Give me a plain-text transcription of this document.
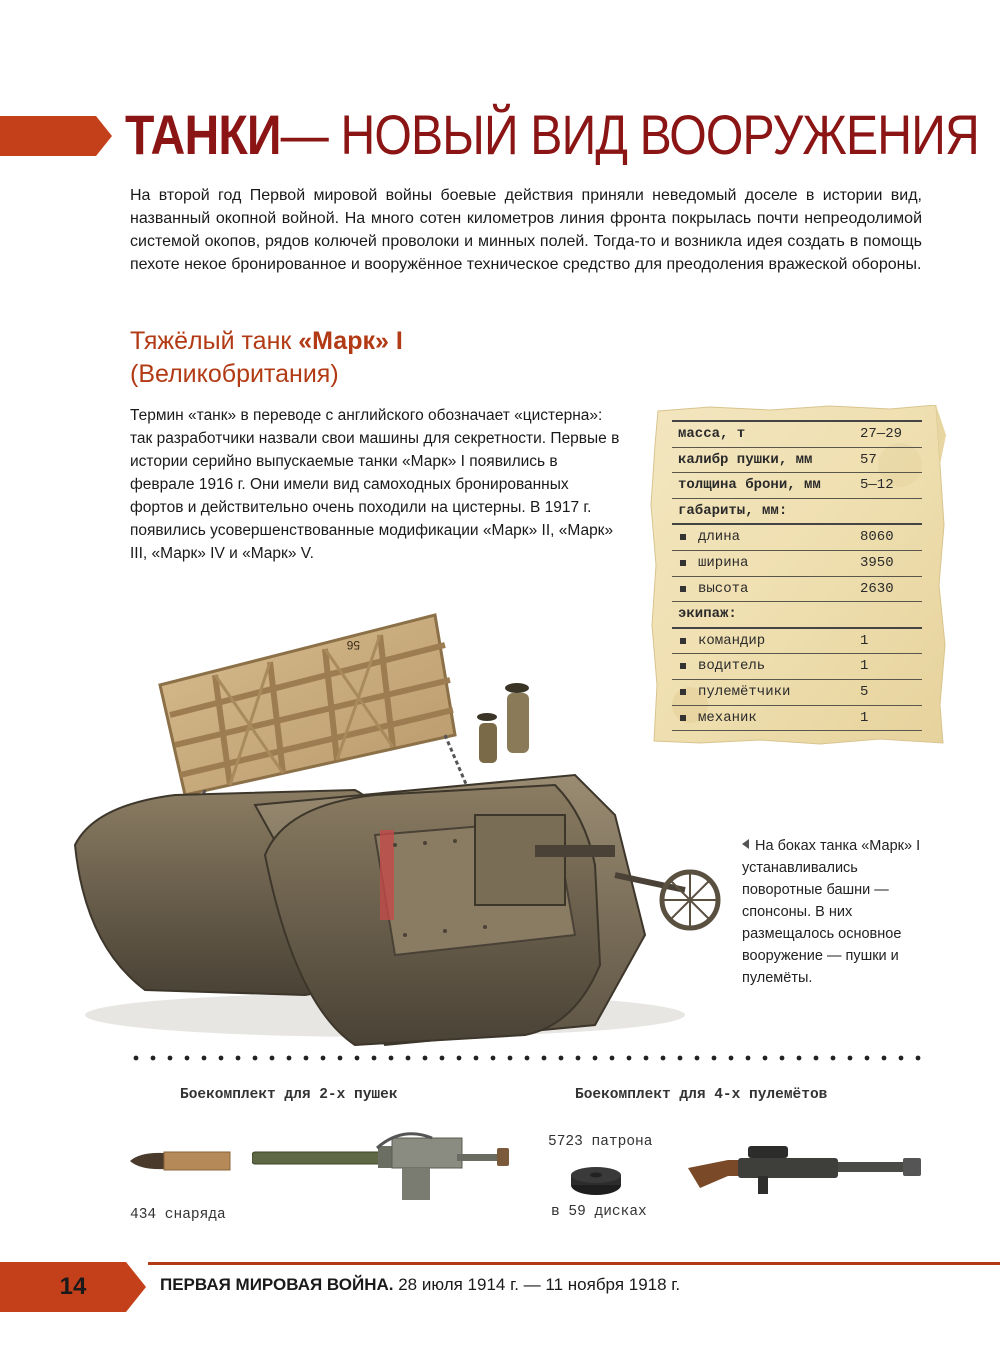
ТАНКИ— НОВЫЙ ВИД ВООРУЖЕНИЯ

На второй год Первой мировой войны боевые действия приняли неведомый доселе в истории вид, названный окопной войной. На много сотен километров линия фронта покрылась почти непреодолимой системой окопов, рядов колючей проволоки и минных полей. Тогда-то и возникла идея создать в помощь пехоте некое бронированное и вооружённое техническое средство для преодоления вражеской обороны.

Тяжёлый танк «Марк» I
(Великобритания)

Термин «танк» в переводе с английского обозначает «цистерна»: так разработчики назвали свои машины для секретности. Первые в истории серийно выпускаемые танки «Марк» I появились в феврале 1916 г. Они имели вид самоходных бронированных фортов и действительно очень походили на цистерны. В 1917 г. появились усовершенствованные модификации «Марк» II, «Марк» III, «Марк» IV и «Марк» V.

масса, т	27—29
калибр пушки, мм	57
толщина брони, мм	5—12
габариты, мм:
длина	8060
ширина	3950
высота	2630
экипаж:
командир	1
водитель	1
пулемётчики	5
механик	1
56
На боках танка «Марк» I устанавливались поворотные башни — спонсоны. В них размещалось основное вооружение — пушки и пулемёты.
Боекомплект для 2-х пушек	Боекомплект для 4-х пулемётов
434 снаряда
5723 патрона
в 59 дисках
14	ПЕРВАЯ МИРОВАЯ ВОЙНА. 28 июля 1914 г. — 11 ноября 1918 г.
